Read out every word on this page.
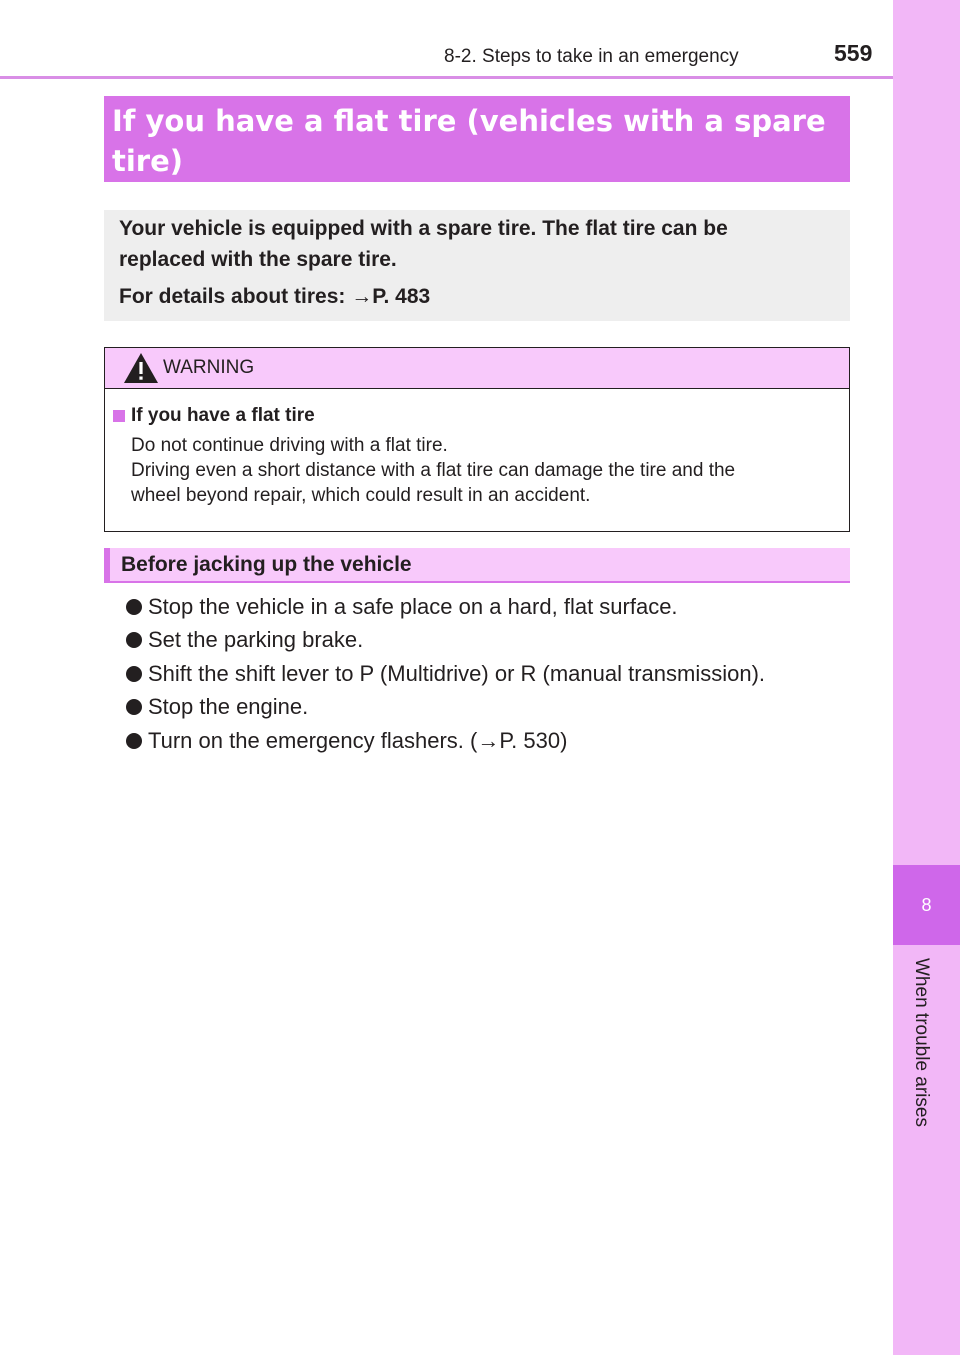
8-2. Steps to take in an emergency	559
8
When trouble arises
If you have a flat tire (vehicles with a spare
tire)
Your vehicle is equipped with a spare tire. The flat tire can be
replaced with the spare tire.
For details about tires: →P. 483
WARNING
If you have a flat tire
Do not continue driving with a flat tire.
Driving even a short distance with a flat tire can damage the tire and the
wheel beyond repair, which could result in an accident.
Before jacking up the vehicle
Stop the vehicle in a safe place on a hard, flat surface.
Set the parking brake.
Shift the shift lever to P (Multidrive) or R (manual transmission).
Stop the engine.
Turn on the emergency flashers. (→P. 530)
